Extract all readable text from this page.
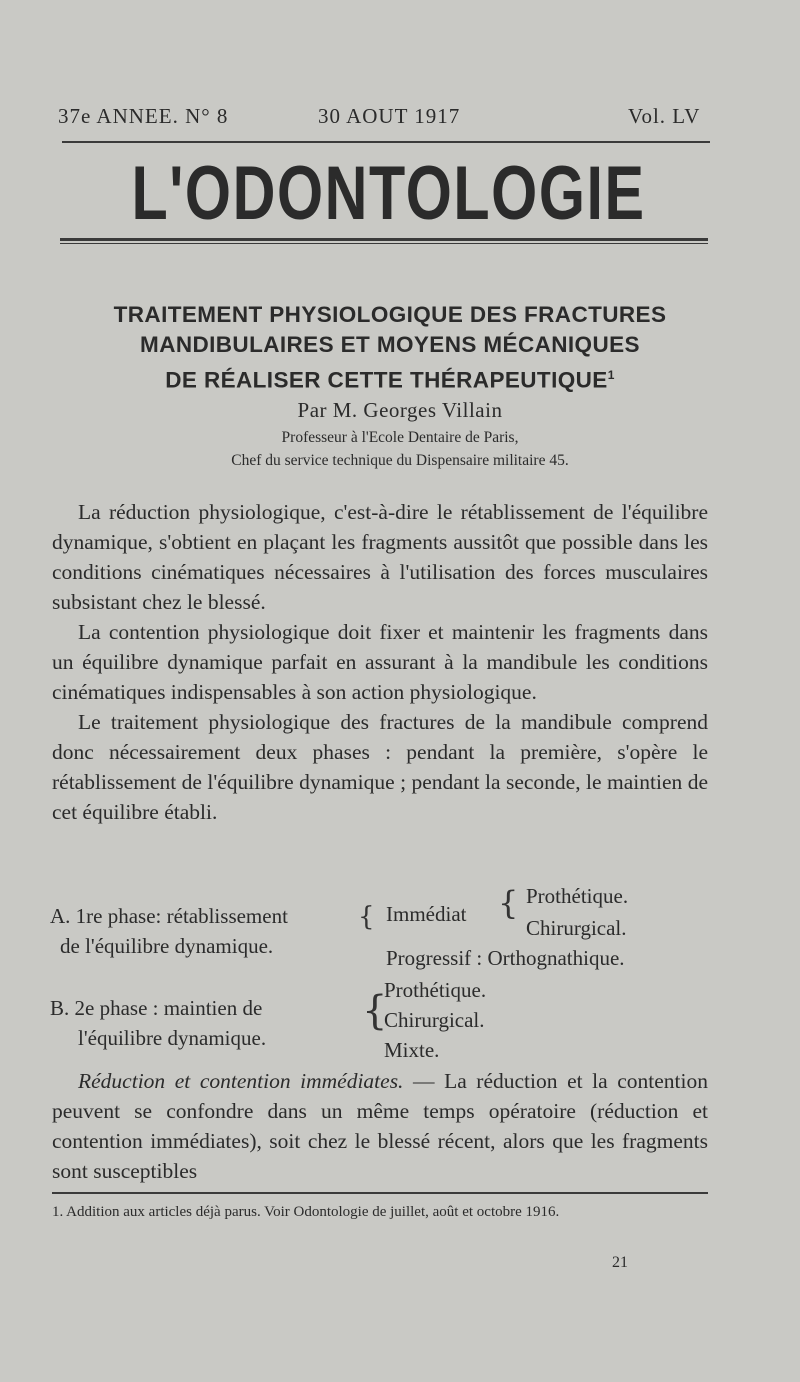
37e ANNEE. N° 8	30 AOUT 1917	Vol. LV
L'ODONTOLOGIE
TRAITEMENT PHYSIOLOGIQUE DES FRACTURES
MANDIBULAIRES ET MOYENS MÉCANIQUES
DE RÉALISER CETTE THÉRAPEUTIQUE$^1$
Par M. Georges Villain
Professeur à l'Ecole Dentaire de Paris,
Chef du service technique du Dispensaire militaire 45.

La réduction physiologique, c'est-à-dire le rétablissement de l'équilibre dynamique, s'obtient en plaçant les fragments aussitôt que possible dans les conditions cinématiques nécessaires à l'utilisation des forces musculaires subsistant chez le blessé.

La contention physiologique doit fixer et maintenir les fragments dans un équilibre dynamique parfait en assurant à la mandibule les conditions cinématiques indispensables à son action physiologique.

Le traitement physiologique des fractures de la mandibule comprend donc nécessairement deux phases : pendant la première, s'opère le rétablissement de l'équilibre dynamique ; pendant la seconde, le maintien de cet équilibre établi.

A. 1re phase: rétablissement
de l'équilibre dynamique.
{ Immédiat { Prothétique.
Chirurgical.
Progressif : Orthognathique.
B. 2e phase : maintien de
l'équilibre dynamique.
{
Prothétique.
Chirurgical.
Mixte.

Réduction et contention immédiates. — La réduction et la contention peuvent se confondre dans un même temps opératoire (réduction et contention immédiates), soit chez le blessé récent, alors que les fragments sont susceptibles

1. Addition aux articles déjà parus. Voir Odontologie de juillet, août et octobre 1916.
21
